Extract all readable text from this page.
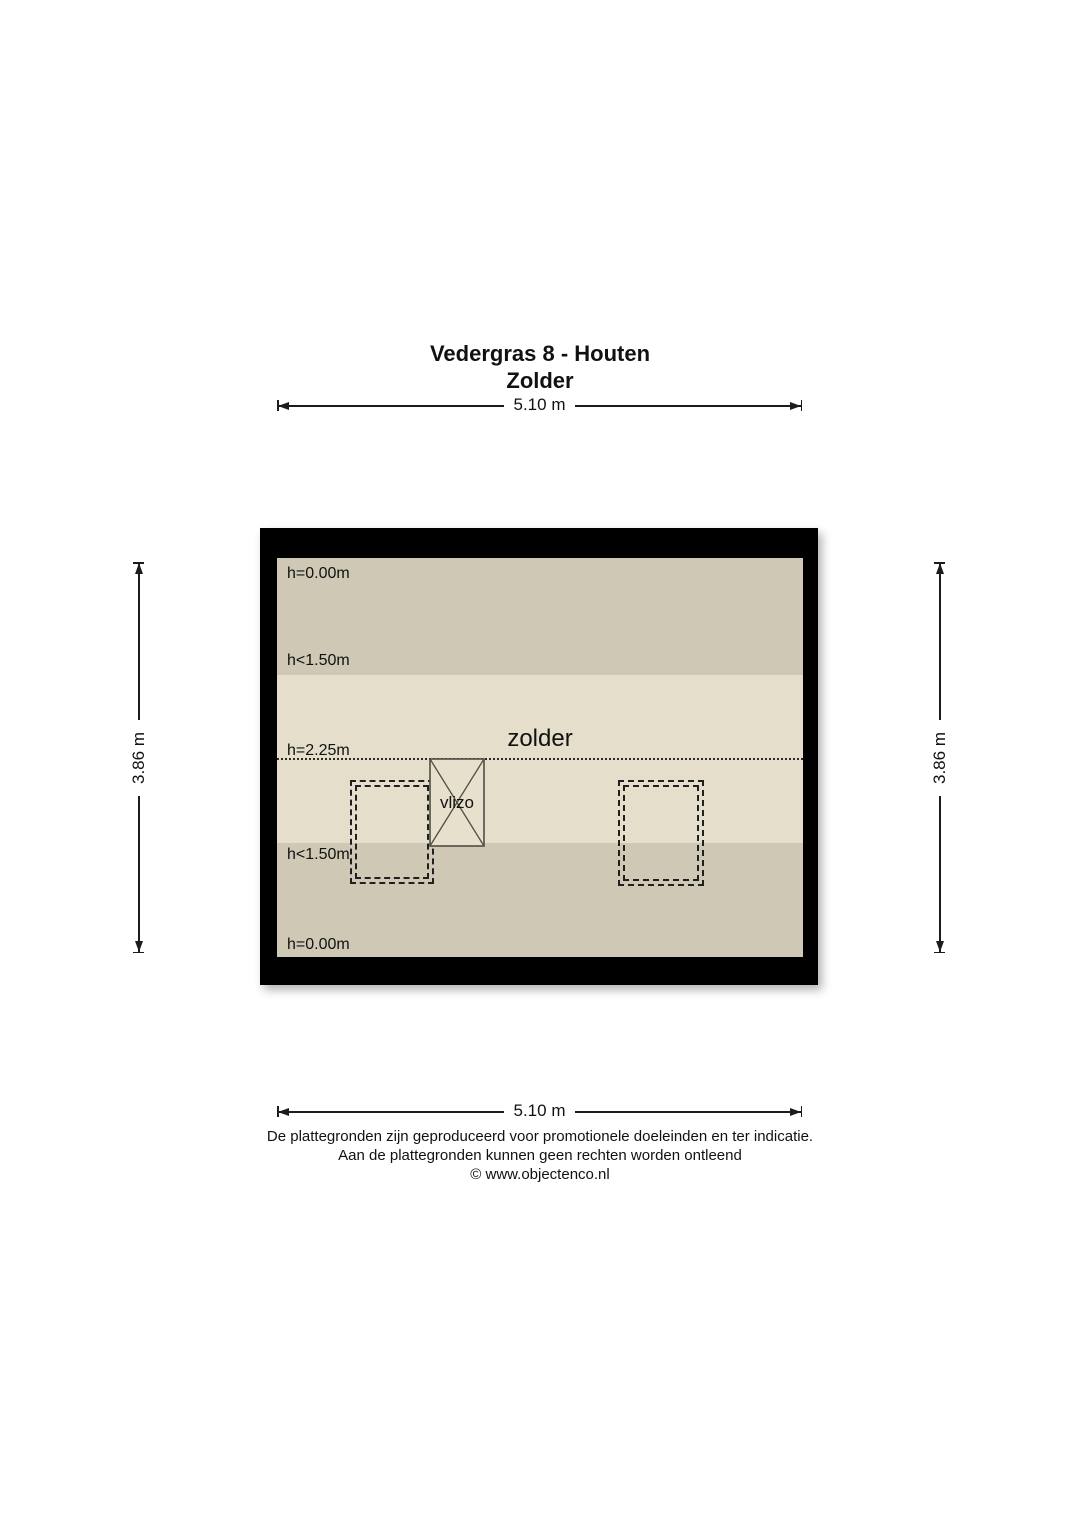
Vedergras 8 - Houten
Zolder
5.10 m
3.86 m	3.86 m
h=0.00m
h<1.50m
h=2.25m
h<1.50m
h=0.00m
zolder
vlizo
5.10 m
De plattegronden zijn geproduceerd voor promotionele doeleinden en ter indicatie.
Aan de plattegronden kunnen geen rechten worden ontleend
© www.objectenco.nl
